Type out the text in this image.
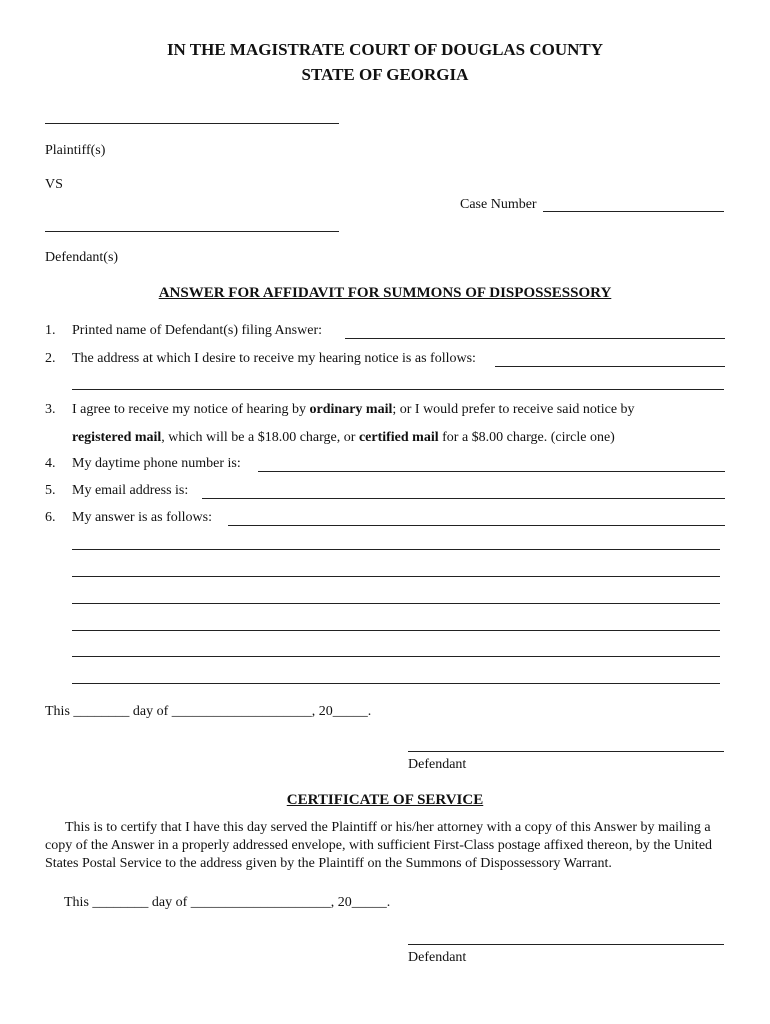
IN THE MAGISTRATE COURT OF DOUGLAS COUNTY
STATE OF GEORGIA
Plaintiff(s)
VS
Case Number
Defendant(s)
ANSWER FOR AFFIDAVIT FOR SUMMONS OF DISPOSSESSORY
1. Printed name of Defendant(s) filing Answer:
2. The address at which I desire to receive my hearing notice is as follows:
3. I agree to receive my notice of hearing by ordinary mail; or I would prefer to receive said notice by
registered mail, which will be a $18.00 charge, or certified mail for a $8.00 charge. (circle one)
4. My daytime phone number is:
5. My email address is:
6. My answer is as follows:
This ________ day of ____________________, 20_____.
Defendant
CERTIFICATE OF SERVICE
This is to certify that I have this day served the Plaintiff or his/her attorney with a copy of this Answer by mailing a copy of the Answer in a properly addressed envelope, with sufficient First-Class postage affixed thereon, by the United States Postal Service to the address given by the Plaintiff on the Summons of Dispossessory Warrant.
This ________ day of ____________________, 20_____.
Defendant
